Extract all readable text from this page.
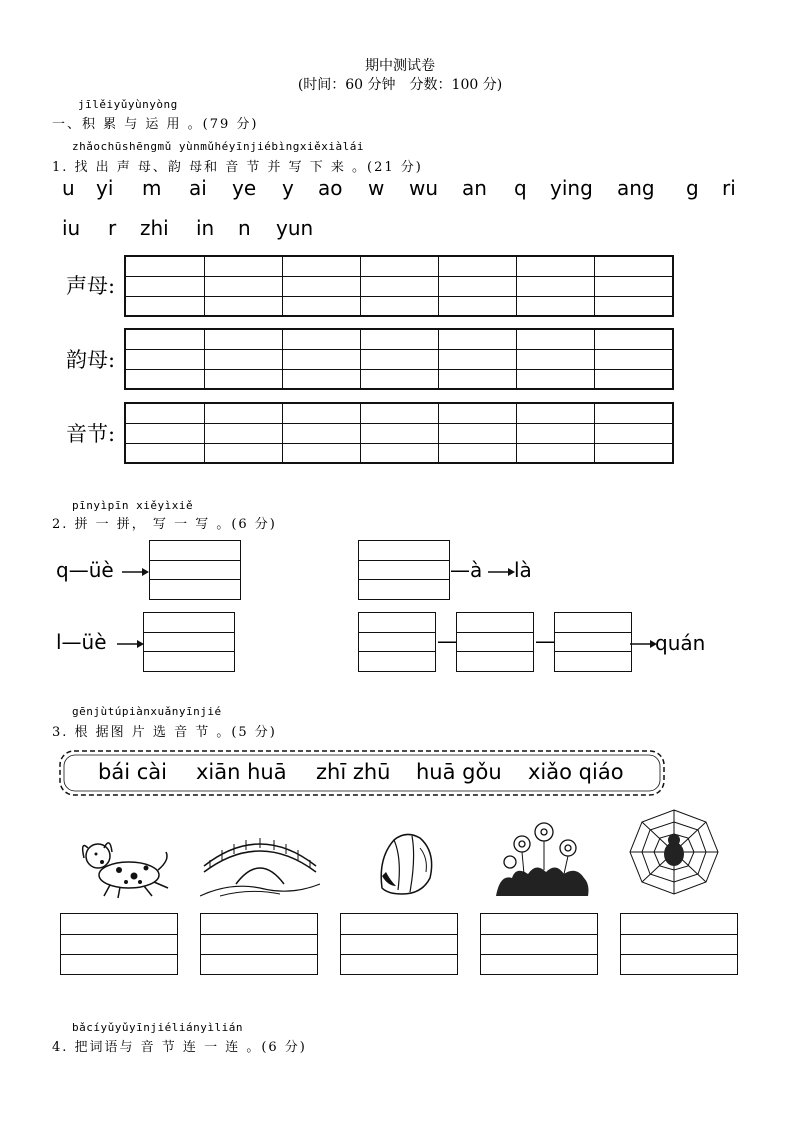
期中测试卷
(时间：60 分钟　分数：100 分)
jīlěiyǔyùnyòng
一、积 累 与 运 用 。(79 分)
zhǎochūshēngmǔ yùnmǔhéyīnjiébìngxiěxiàlái
1. 找 出 声 母、韵 母和 音 节 并 写 下 来 。(21 分)
u yi m ai ye y ao w wu an q ying ang g ri
iu r zhi in n yun
声母:
韵母:
音节:
pīnyìpīn xiěyìxiě
2. 拼 一 拼， 写 一 写 。(6 分)
q—üè	—à là
l—üè	—	—	quán
gēnjùtúpiànxuǎnyīnjié
3. 根 据图 片 选 音 节 。(5 分)
bái cài xiān huā zhī zhū huā gǒu xiǎo qiáo
bǎcíyǔyǔyīnjiéliányìlián
4. 把词语与 音 节 连 一 连 。(6 分)
